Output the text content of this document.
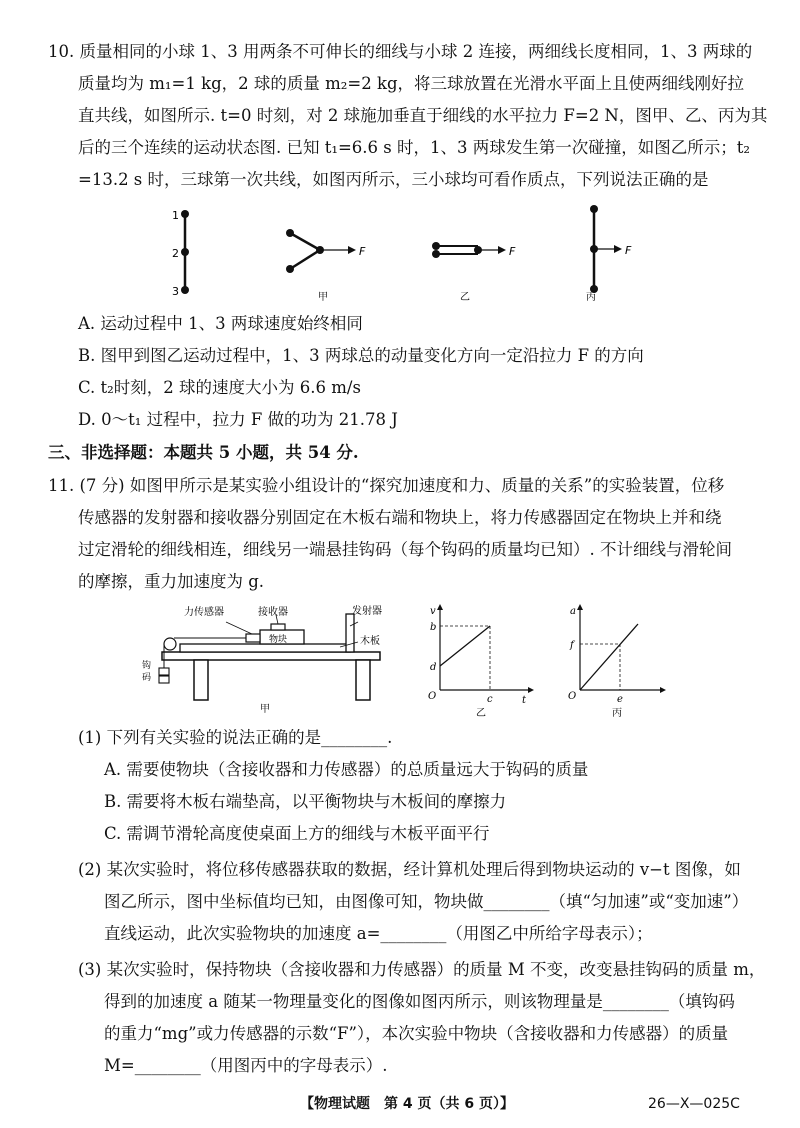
10. 质量相同的小球 1、3 用两条不可伸长的细线与小球 2 连接，两细线长度相同，1、3 两球的
质量均为 m₁=1 kg，2 球的质量 m₂=2 kg，将三球放置在光滑水平面上且使两细线刚好拉
直共线，如图所示. t=0 时刻，对 2 球施加垂直于细线的水平拉力 F=2 N，图甲、乙、丙为其
后的三个连续的运动状态图. 已知 t₁=6.6 s 时，1、3 两球发生第一次碰撞，如图乙所示；t₂
=13.2 s 时，三球第一次共线，如图丙所示，三小球均可看作质点，下列说法正确的是
1
2
3
F
甲
F
乙
F
丙
A. 运动过程中 1、3 两球速度始终相同
B. 图甲到图乙运动过程中，1、3 两球总的动量变化方向一定沿拉力 F 的方向
C. t₂时刻，2 球的速度大小为 6.6 m/s
D. 0～t₁ 过程中，拉力 F 做的功为 21.78 J
三、非选择题：本题共 5 小题，共 54 分.
11. (7 分) 如图甲所示是某实验小组设计的“探究加速度和力、质量的关系”的实验装置，位移
传感器的发射器和接收器分别固定在木板右端和物块上，将力传感器固定在物块上并和绕
过定滑轮的细线相连，细线另一端悬挂钩码（每个钩码的质量均已知）. 不计细线与滑轮间
的摩擦，重力加速度为 g.
物块
钩
码
力传感器	接收器	发射器
木板
甲
v
t
O
b
d
c
乙
a
O
f
e
丙
(1) 下列有关实验的说法正确的是________.
A. 需要使物块（含接收器和力传感器）的总质量远大于钩码的质量
B. 需要将木板右端垫高，以平衡物块与木板间的摩擦力
C. 需调节滑轮高度使桌面上方的细线与木板平面平行
(2) 某次实验时，将位移传感器获取的数据，经计算机处理后得到物块运动的 v−t 图像，如
图乙所示，图中坐标值均已知，由图像可知，物块做________（填“匀加速”或“变加速”）
直线运动，此次实验物块的加速度 a=________（用图乙中所给字母表示）；
(3) 某次实验时，保持物块（含接收器和力传感器）的质量 M 不变，改变悬挂钩码的质量 m，
得到的加速度 a 随某一物理量变化的图像如图丙所示，则该物理量是________（填钩码
的重力“mg”或力传感器的示数“F”），本次实验中物块（含接收器和力传感器）的质量
M=________（用图丙中的字母表示）.
【物理试题　第 4 页（共 6 页）】	26—X—025C
